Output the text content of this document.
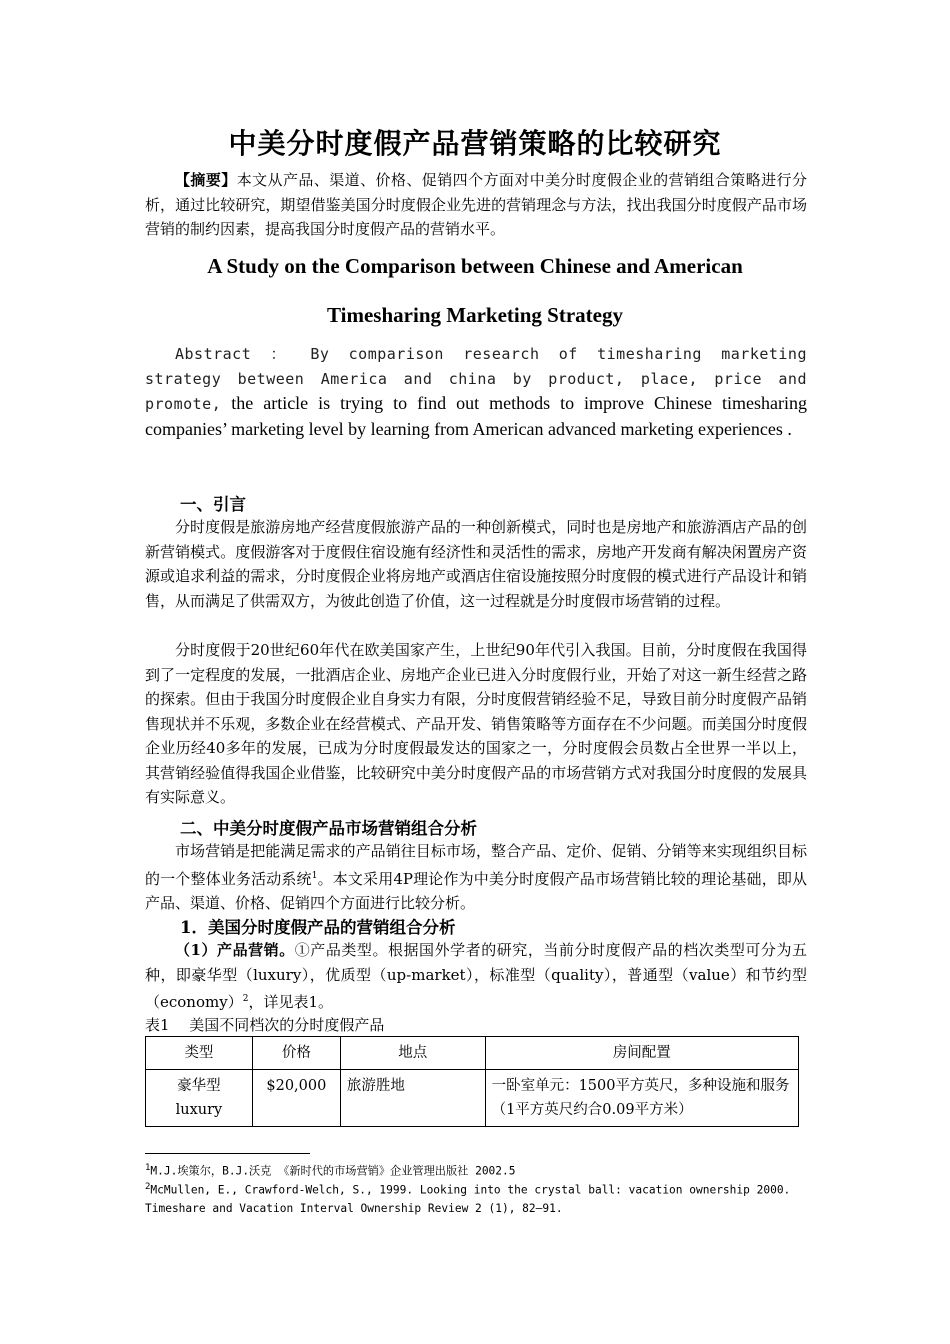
中美分时度假产品营销策略的比较研究
【摘要】本文从产品、渠道、价格、促销四个方面对中美分时度假企业的营销组合策略进行分析，通过比较研究，期望借鉴美国分时度假企业先进的营销理念与方法，找出我国分时度假产品市场营销的制约因素，提高我国分时度假产品的营销水平。
A Study on the Comparison between Chinese and American
Timesharing Marketing Strategy
Abstract ： By comparison research of timesharing marketing strategy between America and china by product, place, price and promote, the article is trying to find out methods to improve Chinese timesharing companies’ marketing level by learning from American advanced marketing experiences .
一、引言
分时度假是旅游房地产经营度假旅游产品的一种创新模式，同时也是房地产和旅游酒店产品的创新营销模式。度假游客对于度假住宿设施有经济性和灵活性的需求，房地产开发商有解决闲置房产资源或追求利益的需求，分时度假企业将房地产或酒店住宿设施按照分时度假的模式进行产品设计和销售，从而满足了供需双方，为彼此创造了价值，这一过程就是分时度假市场营销的过程。
分时度假于20世纪60年代在欧美国家产生，上世纪90年代引入我国。目前，分时度假在我国得到了一定程度的发展，一批酒店企业、房地产企业已进入分时度假行业，开始了对这一新生经营之路的探索。但由于我国分时度假企业自身实力有限，分时度假营销经验不足，导致目前分时度假产品销售现状并不乐观，多数企业在经营模式、产品开发、销售策略等方面存在不少问题。而美国分时度假企业历经40多年的发展，已成为分时度假最发达的国家之一，分时度假会员数占全世界一半以上，其营销经验值得我国企业借鉴，比较研究中美分时度假产品的市场营销方式对我国分时度假的发展具有实际意义。
二、中美分时度假产品市场营销组合分析
市场营销是把能满足需求的产品销往目标市场，整合产品、定价、促销、分销等来实现组织目标的一个整体业务活动系统$^1$。本文采用4P理论作为中美分时度假产品市场营销比较的理论基础，即从产品、渠道、价格、促销四个方面进行比较分析。
1．美国分时度假产品的营销组合分析
（1）产品营销。①产品类型。根据国外学者的研究，当前分时度假产品的档次类型可分为五种，即豪华型（luxury），优质型（up-market），标准型（quality），普通型（value）和节约型（economy）$^2$，详见表1。
表1　 美国不同档次的分时度假产品
类型	价格	地点	房间配置

豪华型
luxury	$20,000	旅游胜地	一卧室单元：1500平方英尺，多种设施和服务（1平方英尺约合0.09平方米）
$^1$M.J.埃策尔，B.J.沃克 《新时代的市场营销》企业管理出版社 2002.5
$^2$McMullen, E., Crawford-Welch, S., 1999. Looking into the crystal ball: vacation ownership 2000. Timeshare and Vacation Interval Ownership Review 2 (1), 82–91.
